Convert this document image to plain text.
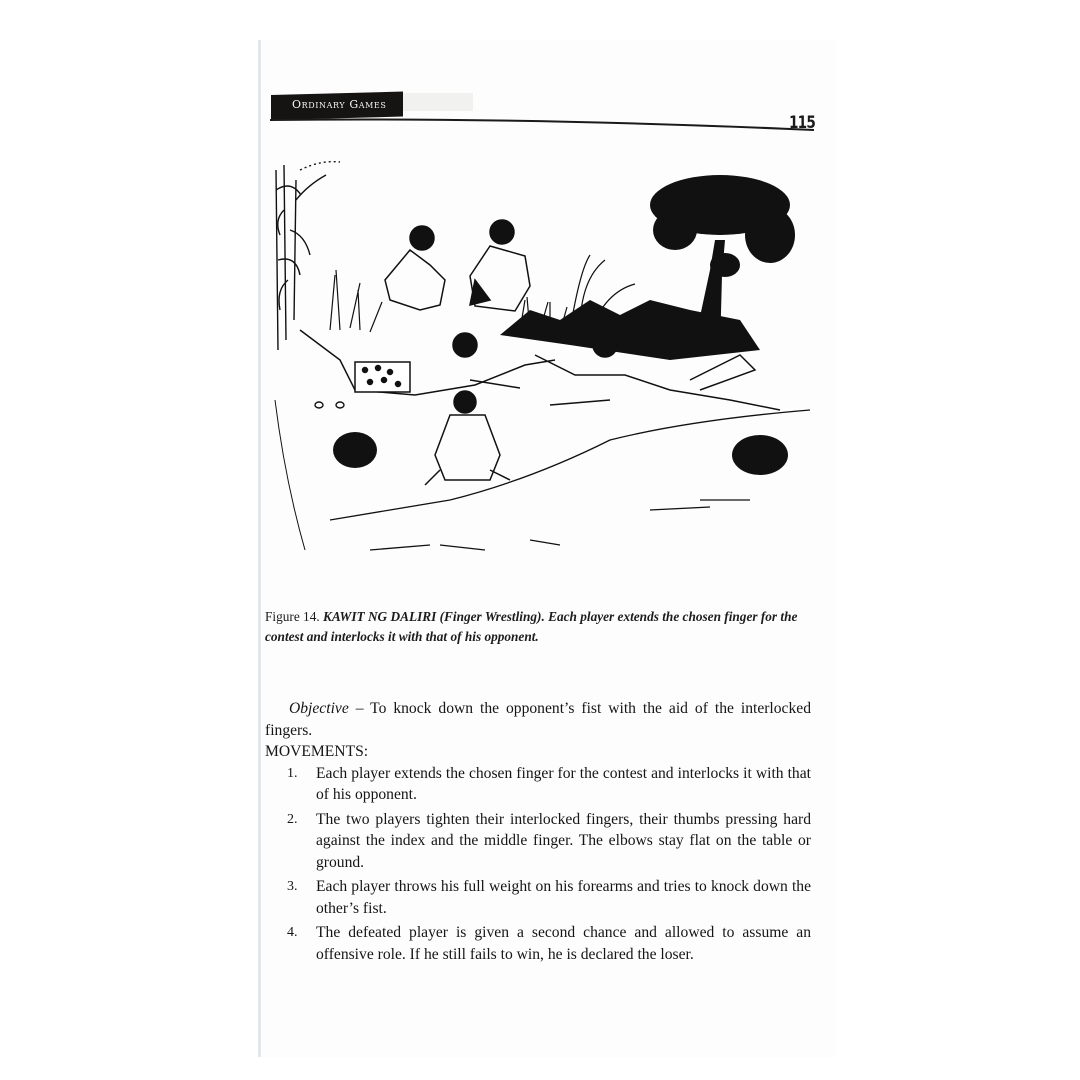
Ordinary Games
115
Figure 14. KAWIT NG DALIRI (Finger Wrestling). Each player extends the chosen finger for the contest and interlocks it with that of his opponent.

Objective – To knock down the opponent’s fist with the aid of the interlocked fingers.

MOVEMENTS:

1. Each player extends the chosen finger for the contest and interlocks it with that of his opponent.
2. The two players tighten their interlocked fingers, their thumbs pressing hard against the index and the middle finger. The elbows stay flat on the table or ground.
3. Each player throws his full weight on his forearms and tries to knock down the other’s fist.
4. The defeated player is given a second chance and allowed to assume an offensive role. If he still fails to win, he is declared the loser.
